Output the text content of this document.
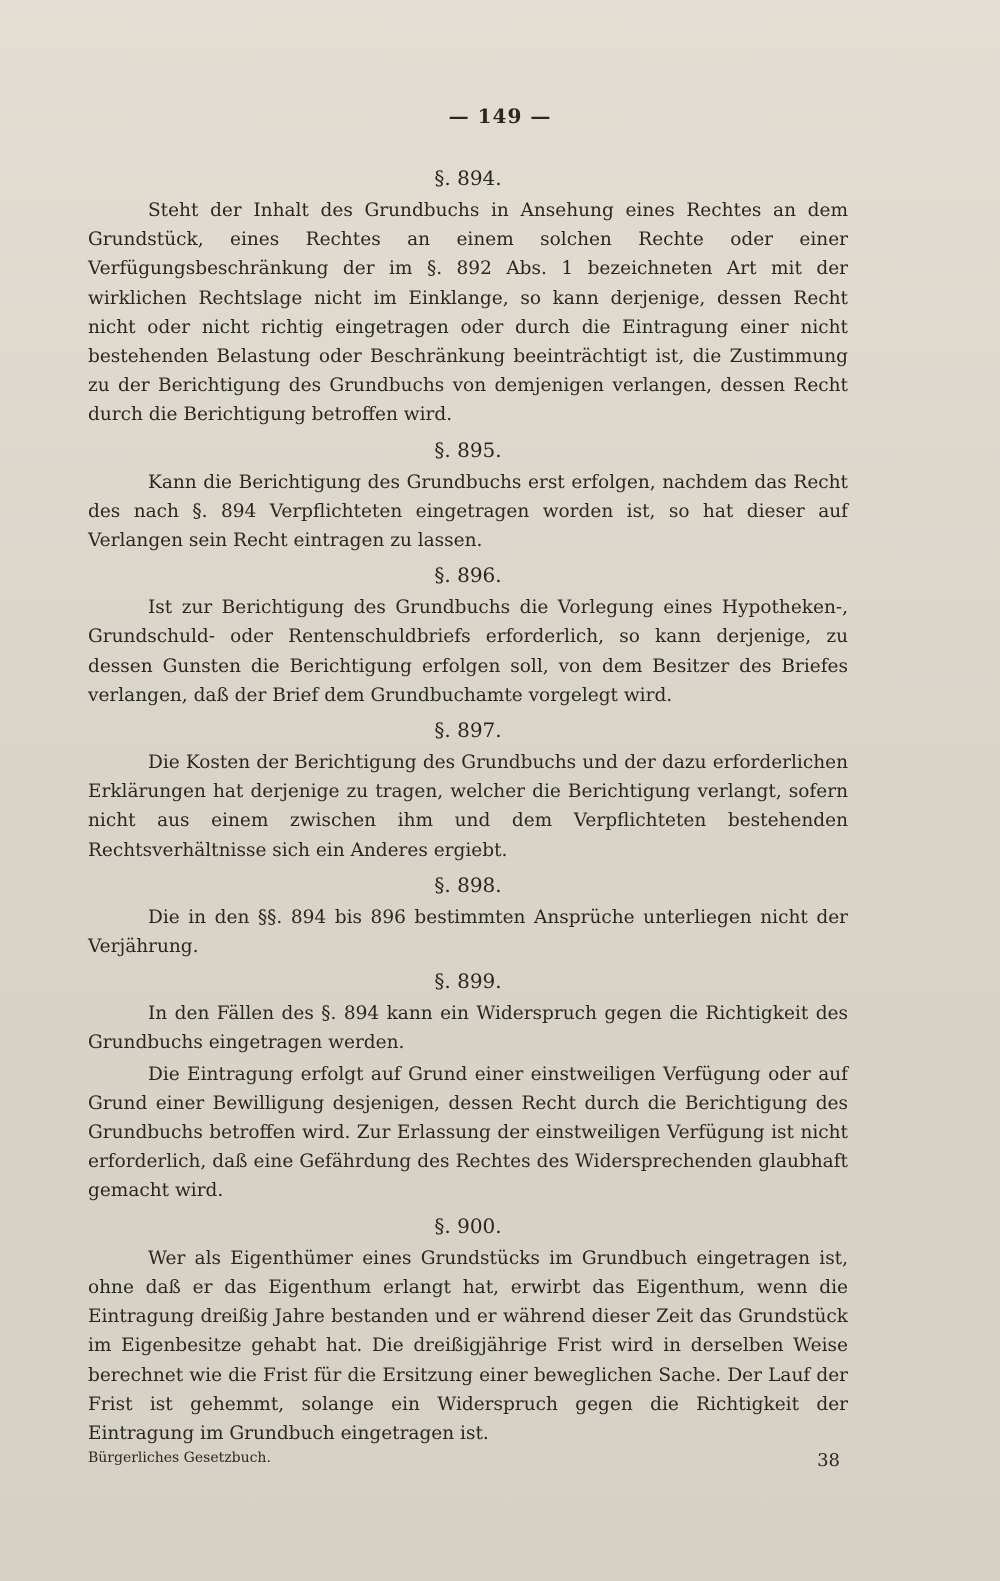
— 149 —
§. 894.

Steht der Inhalt des Grundbuchs in Ansehung eines Rechtes an dem Grundstück, eines Rechtes an einem solchen Rechte oder einer Verfügungsbeschränkung der im §. 892 Abs. 1 bezeichneten Art mit der wirklichen Rechtslage nicht im Einklange, so kann derjenige, dessen Recht nicht oder nicht richtig eingetragen oder durch die Eintragung einer nicht bestehenden Belastung oder Beschränkung beeinträchtigt ist, die Zustimmung zu der Berichtigung des Grundbuchs von demjenigen verlangen, dessen Recht durch die Berichtigung betroffen wird.

§. 895.

Kann die Berichtigung des Grundbuchs erst erfolgen, nachdem das Recht des nach §. 894 Verpflichteten eingetragen worden ist, so hat dieser auf Verlangen sein Recht eintragen zu lassen.

§. 896.

Ist zur Berichtigung des Grundbuchs die Vorlegung eines Hypotheken-, Grundschuld- oder Rentenschuldbriefs erforderlich, so kann derjenige, zu dessen Gunsten die Berichtigung erfolgen soll, von dem Besitzer des Briefes verlangen, daß der Brief dem Grundbuchamte vorgelegt wird.

§. 897.

Die Kosten der Berichtigung des Grundbuchs und der dazu erforderlichen Erklärungen hat derjenige zu tragen, welcher die Berichtigung verlangt, sofern nicht aus einem zwischen ihm und dem Verpflichteten bestehenden Rechtsverhältnisse sich ein Anderes ergiebt.

§. 898.

Die in den §§. 894 bis 896 bestimmten Ansprüche unterliegen nicht der Verjährung.

§. 899.

In den Fällen des §. 894 kann ein Widerspruch gegen die Richtigkeit des Grundbuchs eingetragen werden.

Die Eintragung erfolgt auf Grund einer einstweiligen Verfügung oder auf Grund einer Bewilligung desjenigen, dessen Recht durch die Berichtigung des Grundbuchs betroffen wird. Zur Erlassung der einstweiligen Verfügung ist nicht erforderlich, daß eine Gefährdung des Rechtes des Widersprechenden glaubhaft gemacht wird.

§. 900.

Wer als Eigenthümer eines Grundstücks im Grundbuch eingetragen ist, ohne daß er das Eigenthum erlangt hat, erwirbt das Eigenthum, wenn die Eintragung dreißig Jahre bestanden und er während dieser Zeit das Grundstück im Eigenbesitze gehabt hat. Die dreißigjährige Frist wird in derselben Weise berechnet wie die Frist für die Ersitzung einer beweglichen Sache. Der Lauf der Frist ist gehemmt, solange ein Widerspruch gegen die Richtigkeit der Eintragung im Grundbuch eingetragen ist.

Bürgerliches Gesetzbuch.	38
